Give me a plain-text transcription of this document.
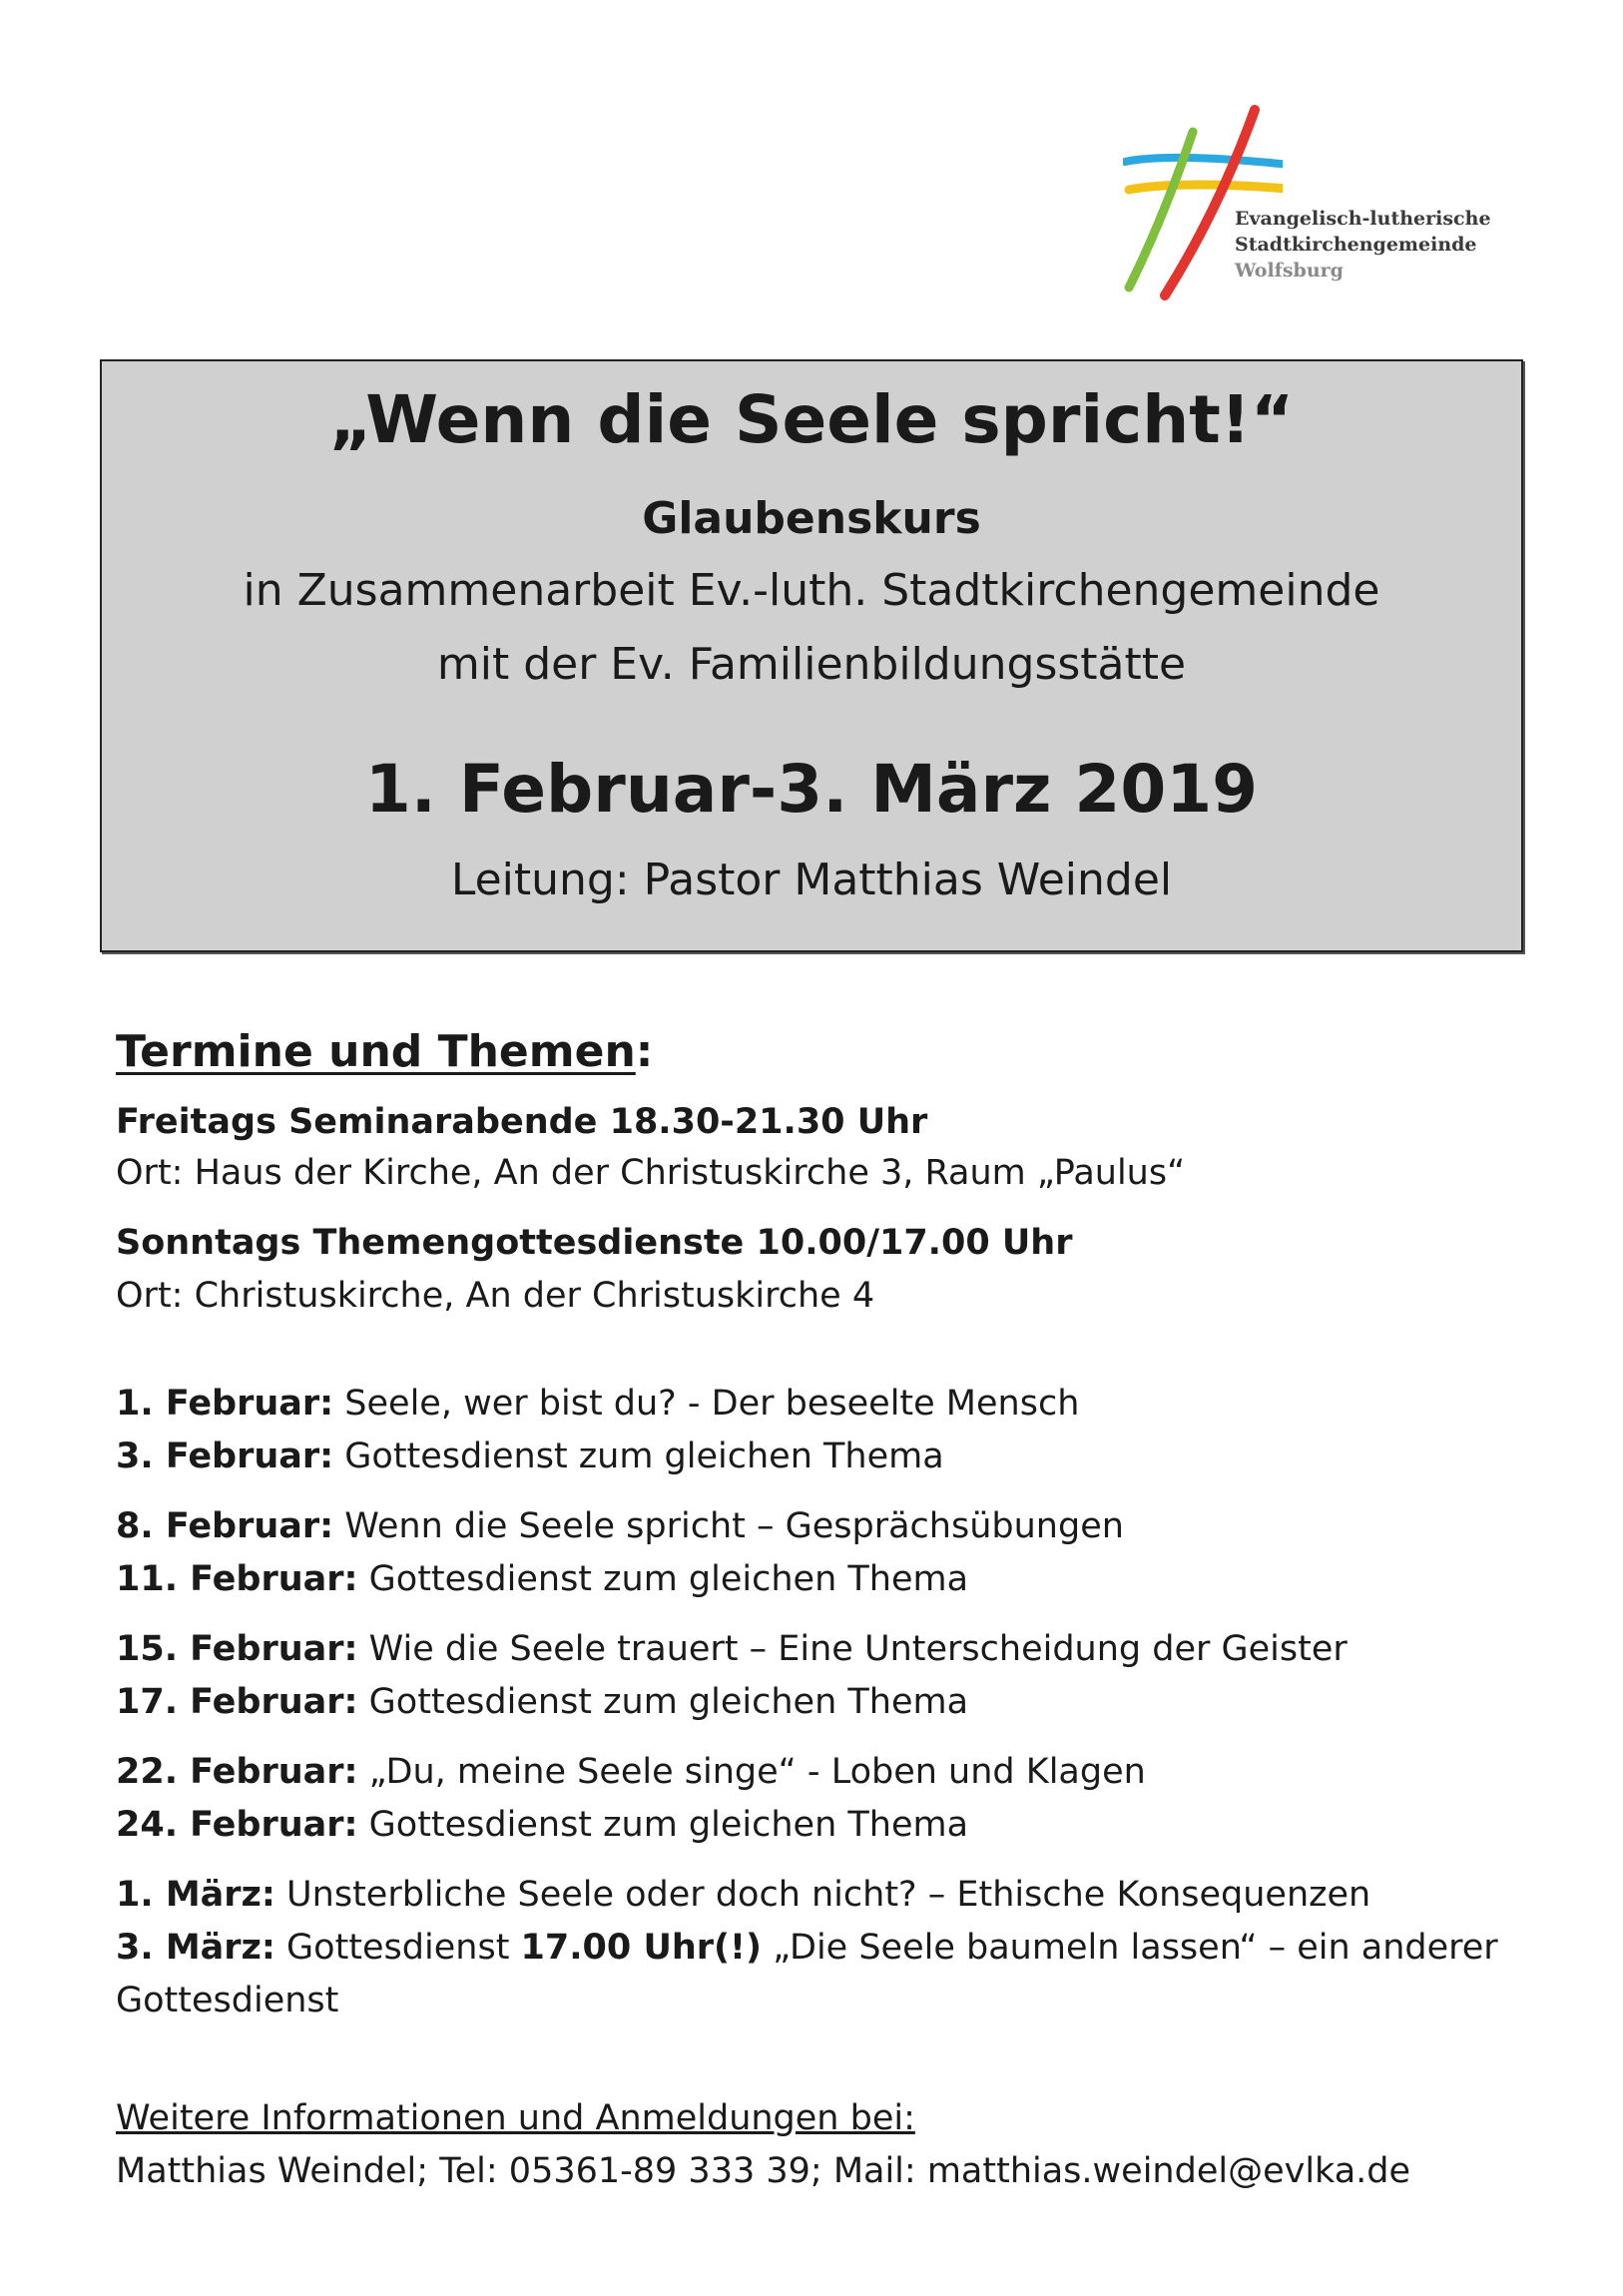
Evangelisch-lutherische
Stadtkirchengemeinde
Wolfsburg
„Wenn die Seele spricht!“
Glaubenskurs
in Zusammenarbeit Ev.-luth. Stadtkirchengemeinde
mit der Ev. Familienbildungsstätte
1. Februar-3. März 2019
Leitung: Pastor Matthias Weindel
Termine und Themen:
Freitags Seminarabende 18.30-21.30 Uhr
Ort: Haus der Kirche, An der Christuskirche 3, Raum „Paulus“
Sonntags Themengottesdienste 10.00/17.00 Uhr
Ort: Christuskirche, An der Christuskirche 4
1. Februar: Seele, wer bist du? - Der beseelte Mensch
3. Februar: Gottesdienst zum gleichen Thema
8. Februar: Wenn die Seele spricht – Gesprächsübungen
11. Februar: Gottesdienst zum gleichen Thema
15. Februar: Wie die Seele trauert – Eine Unterscheidung der Geister
17. Februar: Gottesdienst zum gleichen Thema
22. Februar: „Du, meine Seele singe“ - Loben und Klagen
24. Februar: Gottesdienst zum gleichen Thema
1. März: Unsterbliche Seele oder doch nicht? – Ethische Konsequenzen
3. März: Gottesdienst 17.00 Uhr(!) „Die Seele baumeln lassen“ – ein anderer
Gottesdienst
Weitere Informationen und Anmeldungen bei:
Matthias Weindel; Tel: 05361-89 333 39; Mail: matthias.weindel@evlka.de
